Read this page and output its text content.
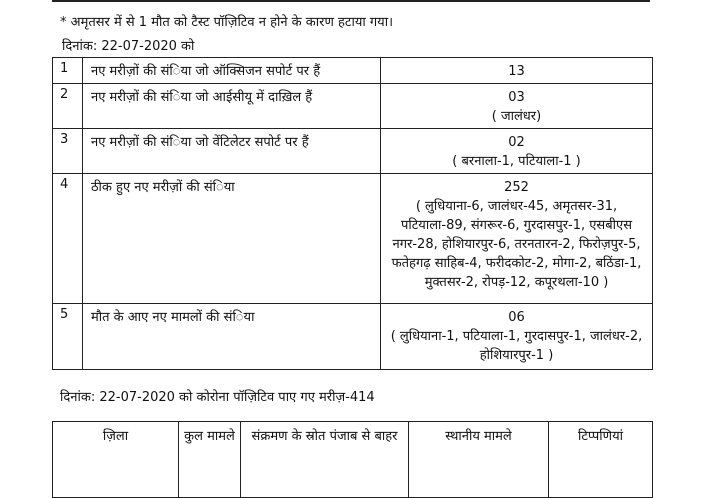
* अमृतसर में से 1 मौत को टैस्ट पॉज़िटिव न होने के कारण हटाया गया।
दिनांक: 22-07-2020 को
1	नए मरीज़ों की संिया जो ऑक्सिजन सपोर्ट पर हैं	13

2	नए मरीज़ों की संिया जो आईसीयू में दाख़िल हैं	03
( जालंधर)

3	नए मरीज़ों की संिया जो वेंटिलेटर सपोर्ट पर हैं	02
( बरनाला-1, पटियाला-1 )

4	ठीक हुए नए मरीज़ों की संिया	252
( लुधियाना-6, जालंधर-45, अमृतसर-31, पटियाला-89, संगरूर-6, गुरदासपुर-1, एसबीएस नगर-28, होशियारपुर-6, तरनतारन-2, फिरोज़पुर-5, फतेहगढ़ साहिब-4, फरीदकोट-2, मोगा-2, बठिंडा-1, मुक्तसर-2, रोपड़-12, कपूरथला-10 )

5	मौत के आए नए मामलों की संिया	06
( लुधियाना-1, पटियाला-1, गुरदासपुर-1, जालंधर-2, होशियारपुर-1 )
दिनांक: 22-07-2020 को कोरोना पॉज़िटिव पाए गए मरीज़-414
ज़िला	कुल मामले	संक्रमण के स्रोत पंजाब से बाहर	स्थानीय मामले	टिप्पणियां
